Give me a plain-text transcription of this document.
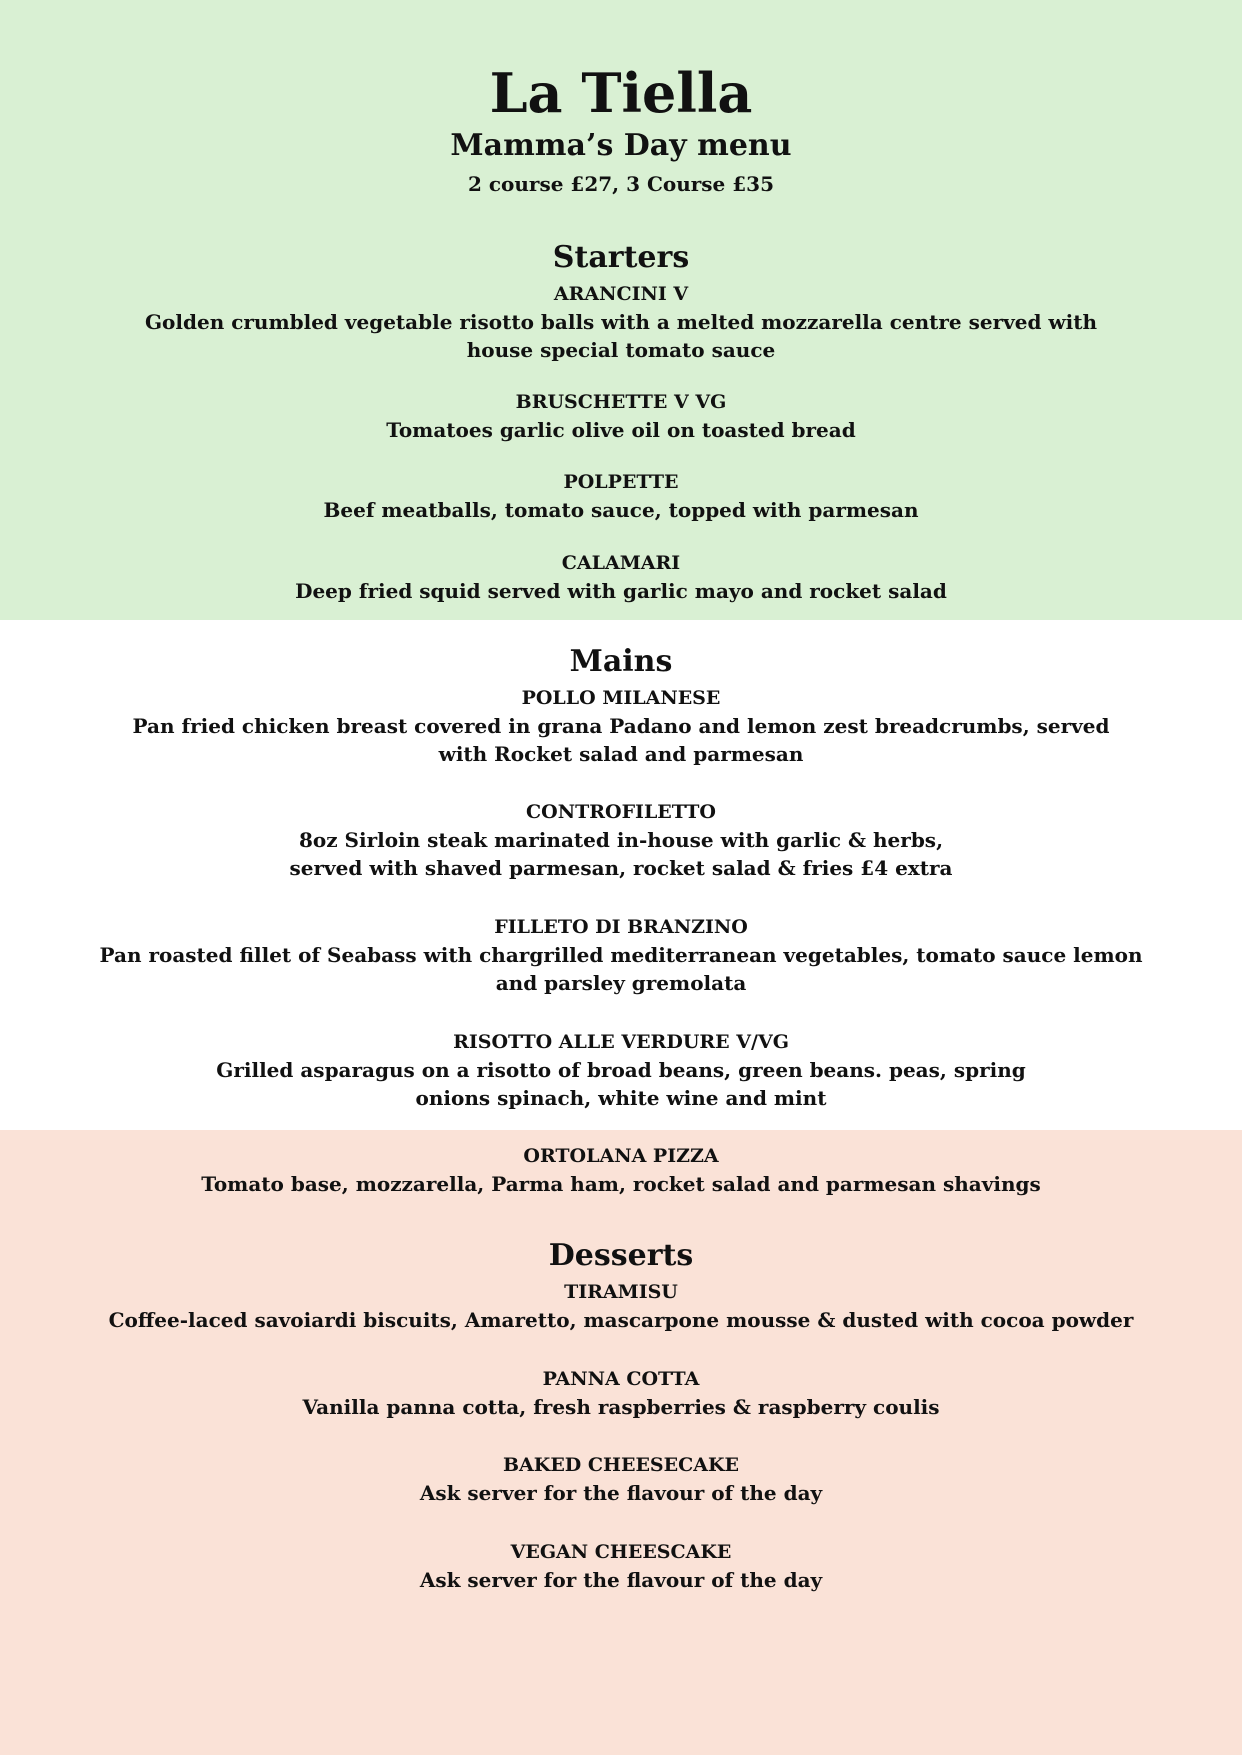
La Tiella
Mamma’s Day menu
2 course £27, 3 Course £35
Starters
ARANCINI V
Golden crumbled vegetable risotto balls with a melted mozzarella centre served with house special tomato sauce
BRUSCHETTE V VG
Tomatoes garlic olive oil on toasted bread
POLPETTE
Beef meatballs, tomato sauce, topped with parmesan
CALAMARI
Deep fried squid served with garlic mayo and rocket salad
Mains
POLLO MILANESE
Pan fried chicken breast covered in grana Padano and lemon zest breadcrumbs, served with Rocket salad and parmesan
CONTROFILETTO
8oz Sirloin steak marinated in-house with garlic & herbs, served with shaved parmesan, rocket salad & fries £4 extra
FILLETO DI BRANZINO
Pan roasted fillet of Seabass with chargrilled mediterranean vegetables, tomato sauce lemon and parsley gremolata
RISOTTO ALLE VERDURE V/VG
Grilled asparagus on a risotto of broad beans, green beans. peas, spring onions spinach, white wine and mint
ORTOLANA PIZZA
Tomato base, mozzarella, Parma ham, rocket salad and parmesan shavings
Desserts
TIRAMISU
Coffee-laced savoiardi biscuits, Amaretto, mascarpone mousse & dusted with cocoa powder
PANNA COTTA
Vanilla panna cotta, fresh raspberries & raspberry coulis
BAKED CHEESECAKE
Ask server for the flavour of the day
VEGAN CHEESCAKE
Ask server for the flavour of the day
